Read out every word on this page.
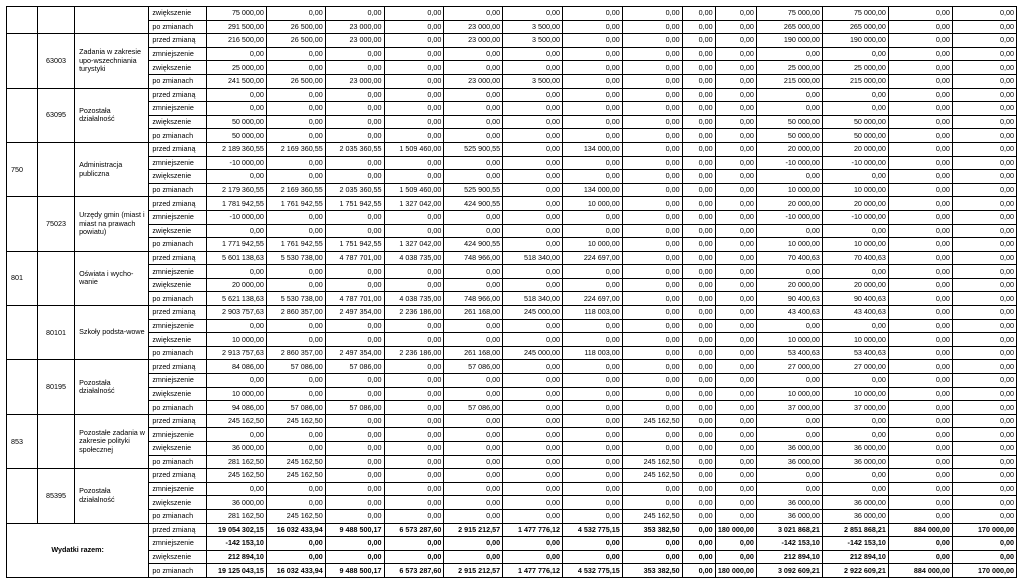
			zwiększenie	75 000,00	0,00	0,00	0,00	0,00	0,00	0,00	0,00	0,00	0,00	75 000,00	75 000,00	0,00	0,00
			po zmianach	291 500,00	26 500,00	23 000,00	0,00	23 000,00	3 500,00	0,00	0,00	0,00	0,00	265 000,00	265 000,00	0,00	0,00
	63003	Zadania w zakresie upo-wszechniania turystyki	przed zmianą	216 500,00	26 500,00	23 000,00	0,00	23 000,00	3 500,00	0,00	0,00	0,00	0,00	190 000,00	190 000,00	0,00	0,00
			zmniejszenie	0,00	0,00	0,00	0,00	0,00	0,00	0,00	0,00	0,00	0,00	0,00	0,00	0,00	0,00
			zwiększenie	25 000,00	0,00	0,00	0,00	0,00	0,00	0,00	0,00	0,00	0,00	25 000,00	25 000,00	0,00	0,00
			po zmianach	241 500,00	26 500,00	23 000,00	0,00	23 000,00	3 500,00	0,00	0,00	0,00	0,00	215 000,00	215 000,00	0,00	0,00
	63095	Pozostała działalność	przed zmianą	0,00	0,00	0,00	0,00	0,00	0,00	0,00	0,00	0,00	0,00	0,00	0,00	0,00	0,00
			zmniejszenie	0,00	0,00	0,00	0,00	0,00	0,00	0,00	0,00	0,00	0,00	0,00	0,00	0,00	0,00
			zwiększenie	50 000,00	0,00	0,00	0,00	0,00	0,00	0,00	0,00	0,00	0,00	50 000,00	50 000,00	0,00	0,00
			po zmianach	50 000,00	0,00	0,00	0,00	0,00	0,00	0,00	0,00	0,00	0,00	50 000,00	50 000,00	0,00	0,00
750		Administracja publiczna	przed zmianą	2 189 360,55	2 169 360,55	2 035 360,55	1 509 460,00	525 900,55	0,00	134 000,00	0,00	0,00	0,00	20 000,00	20 000,00	0,00	0,00
			zmniejszenie	-10 000,00	0,00	0,00	0,00	0,00	0,00	0,00	0,00	0,00	0,00	-10 000,00	-10 000,00	0,00	0,00
			zwiększenie	0,00	0,00	0,00	0,00	0,00	0,00	0,00	0,00	0,00	0,00	0,00	0,00	0,00	0,00
			po zmianach	2 179 360,55	2 169 360,55	2 035 360,55	1 509 460,00	525 900,55	0,00	134 000,00	0,00	0,00	0,00	10 000,00	10 000,00	0,00	0,00
	75023	Urzędy gmin (miast i miast na prawach powiatu)	przed zmianą	1 781 942,55	1 761 942,55	1 751 942,55	1 327 042,00	424 900,55	0,00	10 000,00	0,00	0,00	0,00	20 000,00	20 000,00	0,00	0,00
			zmniejszenie	-10 000,00	0,00	0,00	0,00	0,00	0,00	0,00	0,00	0,00	0,00	-10 000,00	-10 000,00	0,00	0,00
			zwiększenie	0,00	0,00	0,00	0,00	0,00	0,00	0,00	0,00	0,00	0,00	0,00	0,00	0,00	0,00
			po zmianach	1 771 942,55	1 761 942,55	1 751 942,55	1 327 042,00	424 900,55	0,00	10 000,00	0,00	0,00	0,00	10 000,00	10 000,00	0,00	0,00
801		Oświata i wycho-wanie	przed zmianą	5 601 138,63	5 530 738,00	4 787 701,00	4 038 735,00	748 966,00	518 340,00	224 697,00	0,00	0,00	0,00	70 400,63	70 400,63	0,00	0,00
			zmniejszenie	0,00	0,00	0,00	0,00	0,00	0,00	0,00	0,00	0,00	0,00	0,00	0,00	0,00	0,00
			zwiększenie	20 000,00	0,00	0,00	0,00	0,00	0,00	0,00	0,00	0,00	0,00	20 000,00	20 000,00	0,00	0,00
			po zmianach	5 621 138,63	5 530 738,00	4 787 701,00	4 038 735,00	748 966,00	518 340,00	224 697,00	0,00	0,00	0,00	90 400,63	90 400,63	0,00	0,00
	80101	Szkoły podsta-wowe	przed zmianą	2 903 757,63	2 860 357,00	2 497 354,00	2 236 186,00	261 168,00	245 000,00	118 003,00	0,00	0,00	0,00	43 400,63	43 400,63	0,00	0,00
			zmniejszenie	0,00	0,00	0,00	0,00	0,00	0,00	0,00	0,00	0,00	0,00	0,00	0,00	0,00	0,00
			zwiększenie	10 000,00	0,00	0,00	0,00	0,00	0,00	0,00	0,00	0,00	0,00	10 000,00	10 000,00	0,00	0,00
			po zmianach	2 913 757,63	2 860 357,00	2 497 354,00	2 236 186,00	261 168,00	245 000,00	118 003,00	0,00	0,00	0,00	53 400,63	53 400,63	0,00	0,00
	80195	Pozostała działalność	przed zmianą	84 086,00	57 086,00	57 086,00	0,00	57 086,00	0,00	0,00	0,00	0,00	0,00	27 000,00	27 000,00	0,00	0,00
			zmniejszenie	0,00	0,00	0,00	0,00	0,00	0,00	0,00	0,00	0,00	0,00	0,00	0,00	0,00	0,00
			zwiększenie	10 000,00	0,00	0,00	0,00	0,00	0,00	0,00	0,00	0,00	0,00	10 000,00	10 000,00	0,00	0,00
			po zmianach	94 086,00	57 086,00	57 086,00	0,00	57 086,00	0,00	0,00	0,00	0,00	0,00	37 000,00	37 000,00	0,00	0,00
853		Pozostałe zadania w zakresie polityki społecznej	przed zmianą	245 162,50	245 162,50	0,00	0,00	0,00	0,00	0,00	245 162,50	0,00	0,00	0,00	0,00	0,00	0,00
			zmniejszenie	0,00	0,00	0,00	0,00	0,00	0,00	0,00	0,00	0,00	0,00	0,00	0,00	0,00	0,00
			zwiększenie	36 000,00	0,00	0,00	0,00	0,00	0,00	0,00	0,00	0,00	0,00	36 000,00	36 000,00	0,00	0,00
			po zmianach	281 162,50	245 162,50	0,00	0,00	0,00	0,00	0,00	245 162,50	0,00	0,00	36 000,00	36 000,00	0,00	0,00
	85395	Pozostała działalność	przed zmianą	245 162,50	245 162,50	0,00	0,00	0,00	0,00	0,00	245 162,50	0,00	0,00	0,00	0,00	0,00	0,00
			zmniejszenie	0,00	0,00	0,00	0,00	0,00	0,00	0,00	0,00	0,00	0,00	0,00	0,00	0,00	0,00
			zwiększenie	36 000,00	0,00	0,00	0,00	0,00	0,00	0,00	0,00	0,00	0,00	36 000,00	36 000,00	0,00	0,00
			po zmianach	281 162,50	245 162,50	0,00	0,00	0,00	0,00	0,00	245 162,50	0,00	0,00	36 000,00	36 000,00	0,00	0,00
Wydatki razem:			przed zmianą	19 054 302,15	16 032 433,94	9 488 500,17	6 573 287,60	2 915 212,57	1 477 776,12	4 532 775,15	353 382,50	0,00	180 000,00	3 021 868,21	2 851 868,21	884 000,00	170 000,00
			zmniejszenie	-142 153,10	0,00	0,00	0,00	0,00	0,00	0,00	0,00	0,00	0,00	-142 153,10	-142 153,10	0,00	0,00
			zwiększenie	212 894,10	0,00	0,00	0,00	0,00	0,00	0,00	0,00	0,00	0,00	212 894,10	212 894,10	0,00	0,00
			po zmianach	19 125 043,15	16 032 433,94	9 488 500,17	6 573 287,60	2 915 212,57	1 477 776,12	4 532 775,15	353 382,50	0,00	180 000,00	3 092 609,21	2 922 609,21	884 000,00	170 000,00
